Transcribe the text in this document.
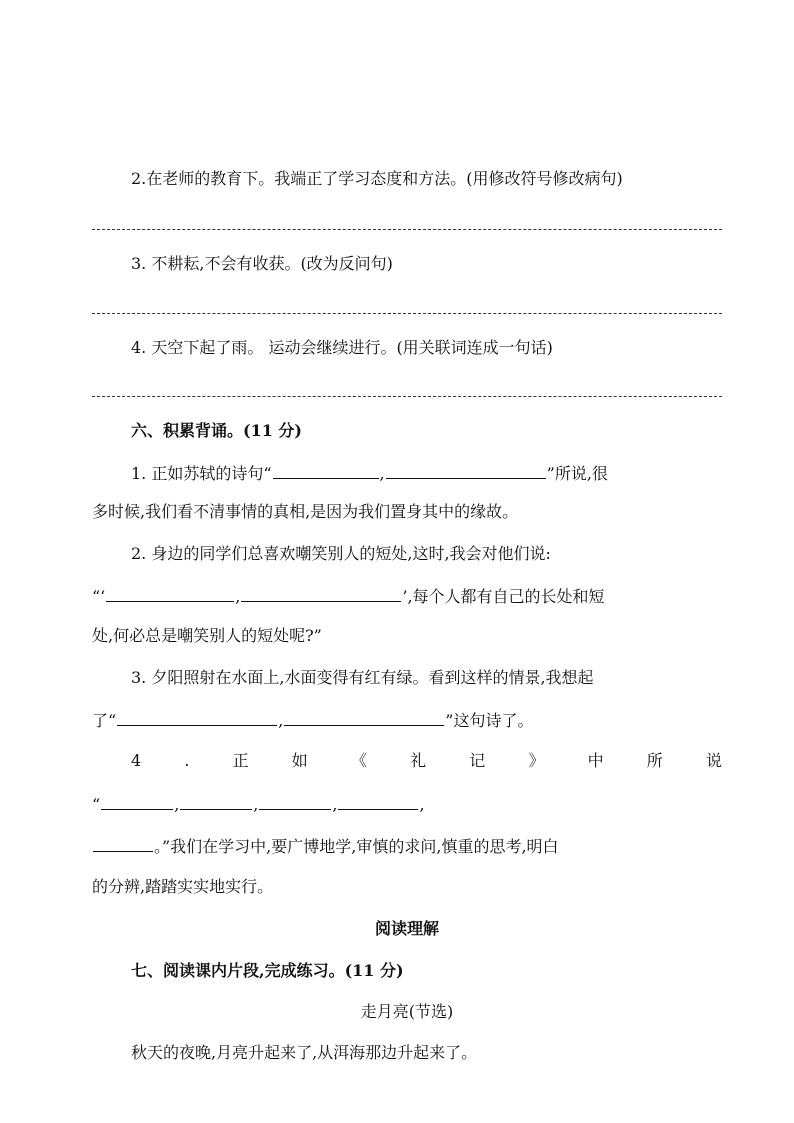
2.在老师的教育下。我端正了学习态度和方法。(用修改符号修改病句)
3. 不耕耘,不会有收获。(改为反问句)
4. 天空下起了雨。 运动会继续进行。(用关联词连成一句话)
六、积累背诵。(11 分)
1. 正如苏轼的诗句“	,	”所说,很
多时候,我们看不清事情的真相,是因为我们置身其中的缘故。
2. 身边的同学们总喜欢嘲笑别人的短处,这时,我会对他们说:
“‘	,	’,每个人都有自己的长处和短
处,何必总是嘲笑别人的短处呢?”
3. 夕阳照射在水面上,水面变得有红有绿。看到这样的情景,我想起
了“	,	”这句诗了。
4	.	正	如	《	礼	记	》	中	所	说
“	,	,	,	,
。”我们在学习中,要广博地学,审慎的求问,慎重的思考,明白
的分辨,踏踏实实地实行。
阅读理解
七、阅读课内片段,完成练习。(11 分)
走月亮(节选)
秋天的夜晚,月亮升起来了,从洱海那边升起来了。
